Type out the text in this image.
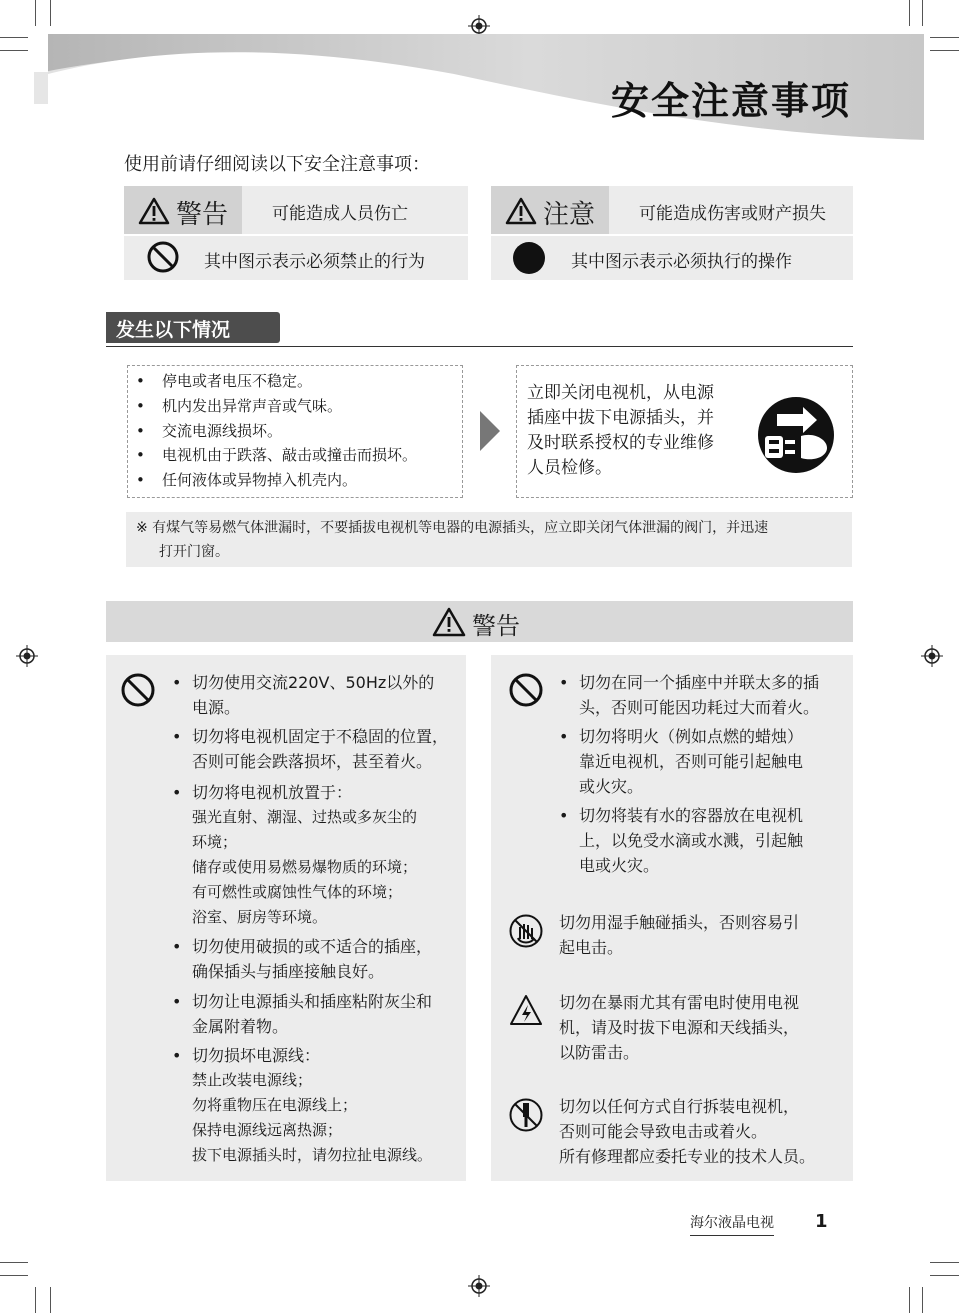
安全注意事项
使用前请仔细阅读以下安全注意事项：
警告	可能造成人员伤亡
其中图示表示必须禁止的行为
注意	可能造成伤害或财产损失
其中图示表示必须执行的操作
发生以下情况
• 停电或者电压不稳定。
• 机内发出异常声音或气味。
• 交流电源线损坏。
• 电视机由于跌落、敲击或撞击而损坏。
• 任何液体或异物掉入机壳内。
立即关闭电视机，从电源
插座中拔下电源插头，并
及时联系授权的专业维修
人员检修。
※ 有煤气等易燃气体泄漏时，不要插拔电视机等电器的电源插头，应立即关闭气体泄漏的阀门，并迅速
打开门窗。
警告
• 切勿使用交流220V、50Hz以外的
电源。
• 切勿将电视机固定于不稳固的位置，
否则可能会跌落损坏，甚至着火。
• 切勿将电视机放置于：
强光直射、潮湿、过热或多灰尘的
环境；
储存或使用易燃易爆物质的环境；
有可燃性或腐蚀性气体的环境；
浴室、厨房等环境。
• 切勿使用破损的或不适合的插座，
确保插头与插座接触良好。
• 切勿让电源插头和插座粘附灰尘和
金属附着物。
• 切勿损坏电源线：
禁止改装电源线；
勿将重物压在电源线上；
保持电源线远离热源；
拔下电源插头时，请勿拉扯电源线。
• 切勿在同一个插座中并联太多的插
头，否则可能因功耗过大而着火。
• 切勿将明火（例如点燃的蜡烛）
靠近电视机，否则可能引起触电
或火灾。
• 切勿将装有水的容器放在电视机
上，以免受水滴或水溅，引起触
电或火灾。
切勿用湿手触碰插头，否则容易引
起电击。
切勿在暴雨尤其有雷电时使用电视
机，请及时拔下电源和天线插头，
以防雷击。
切勿以任何方式自行拆装电视机，
否则可能会导致电击或着火。
所有修理都应委托专业的技术人员。
海尔液晶电视 1
